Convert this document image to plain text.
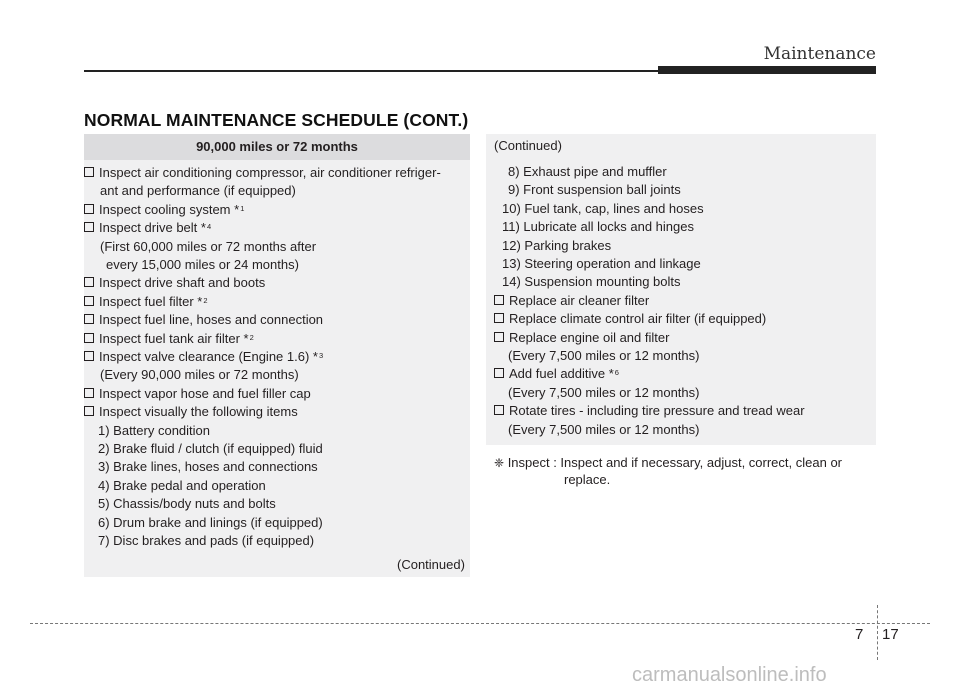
Maintenance
NORMAL MAINTENANCE SCHEDULE (CONT.)
90,000 miles or 72 months
Inspect air conditioning compressor, air conditioner refriger-
ant and performance (if equipped)
Inspect cooling system *$^1$
Inspect drive belt *$^4$
(First 60,000 miles or 72 months after
every 15,000 miles or 24 months)
Inspect drive shaft and boots
Inspect fuel filter *$^2$
Inspect fuel line, hoses and connection
Inspect fuel tank air filter *$^2$
Inspect valve clearance (Engine 1.6) *$^3$
(Every 90,000 miles or 72 months)
Inspect vapor hose and fuel filler cap
Inspect visually the following items
1) Battery condition
2) Brake fluid / clutch (if equipped) fluid
3) Brake lines, hoses and connections
4) Brake pedal and operation
5) Chassis/body nuts and bolts
6) Drum brake and linings (if equipped)
7) Disc brakes and pads (if equipped)
8) Exhaust pipe and muffler
9) Front suspension ball joints
10) Fuel tank, cap, lines and hoses
11) Lubricate all locks and hinges
12) Parking brakes
13) Steering operation and linkage
14) Suspension mounting bolts
Replace air cleaner filter
Replace climate control air filter (if equipped)
Replace engine oil and filter
(Every 7,500 miles or 12 months)
Add fuel additive *$^6$
(Every 7,500 miles or 12 months)
Rotate tires - including tire pressure and tread wear
(Every 7,500 miles or 12 months)
(Continued)
(Continued)
❈ Inspect : Inspect and if necessary, adjust, correct, clean or
replace.
7 17
carmanualsonline.info
